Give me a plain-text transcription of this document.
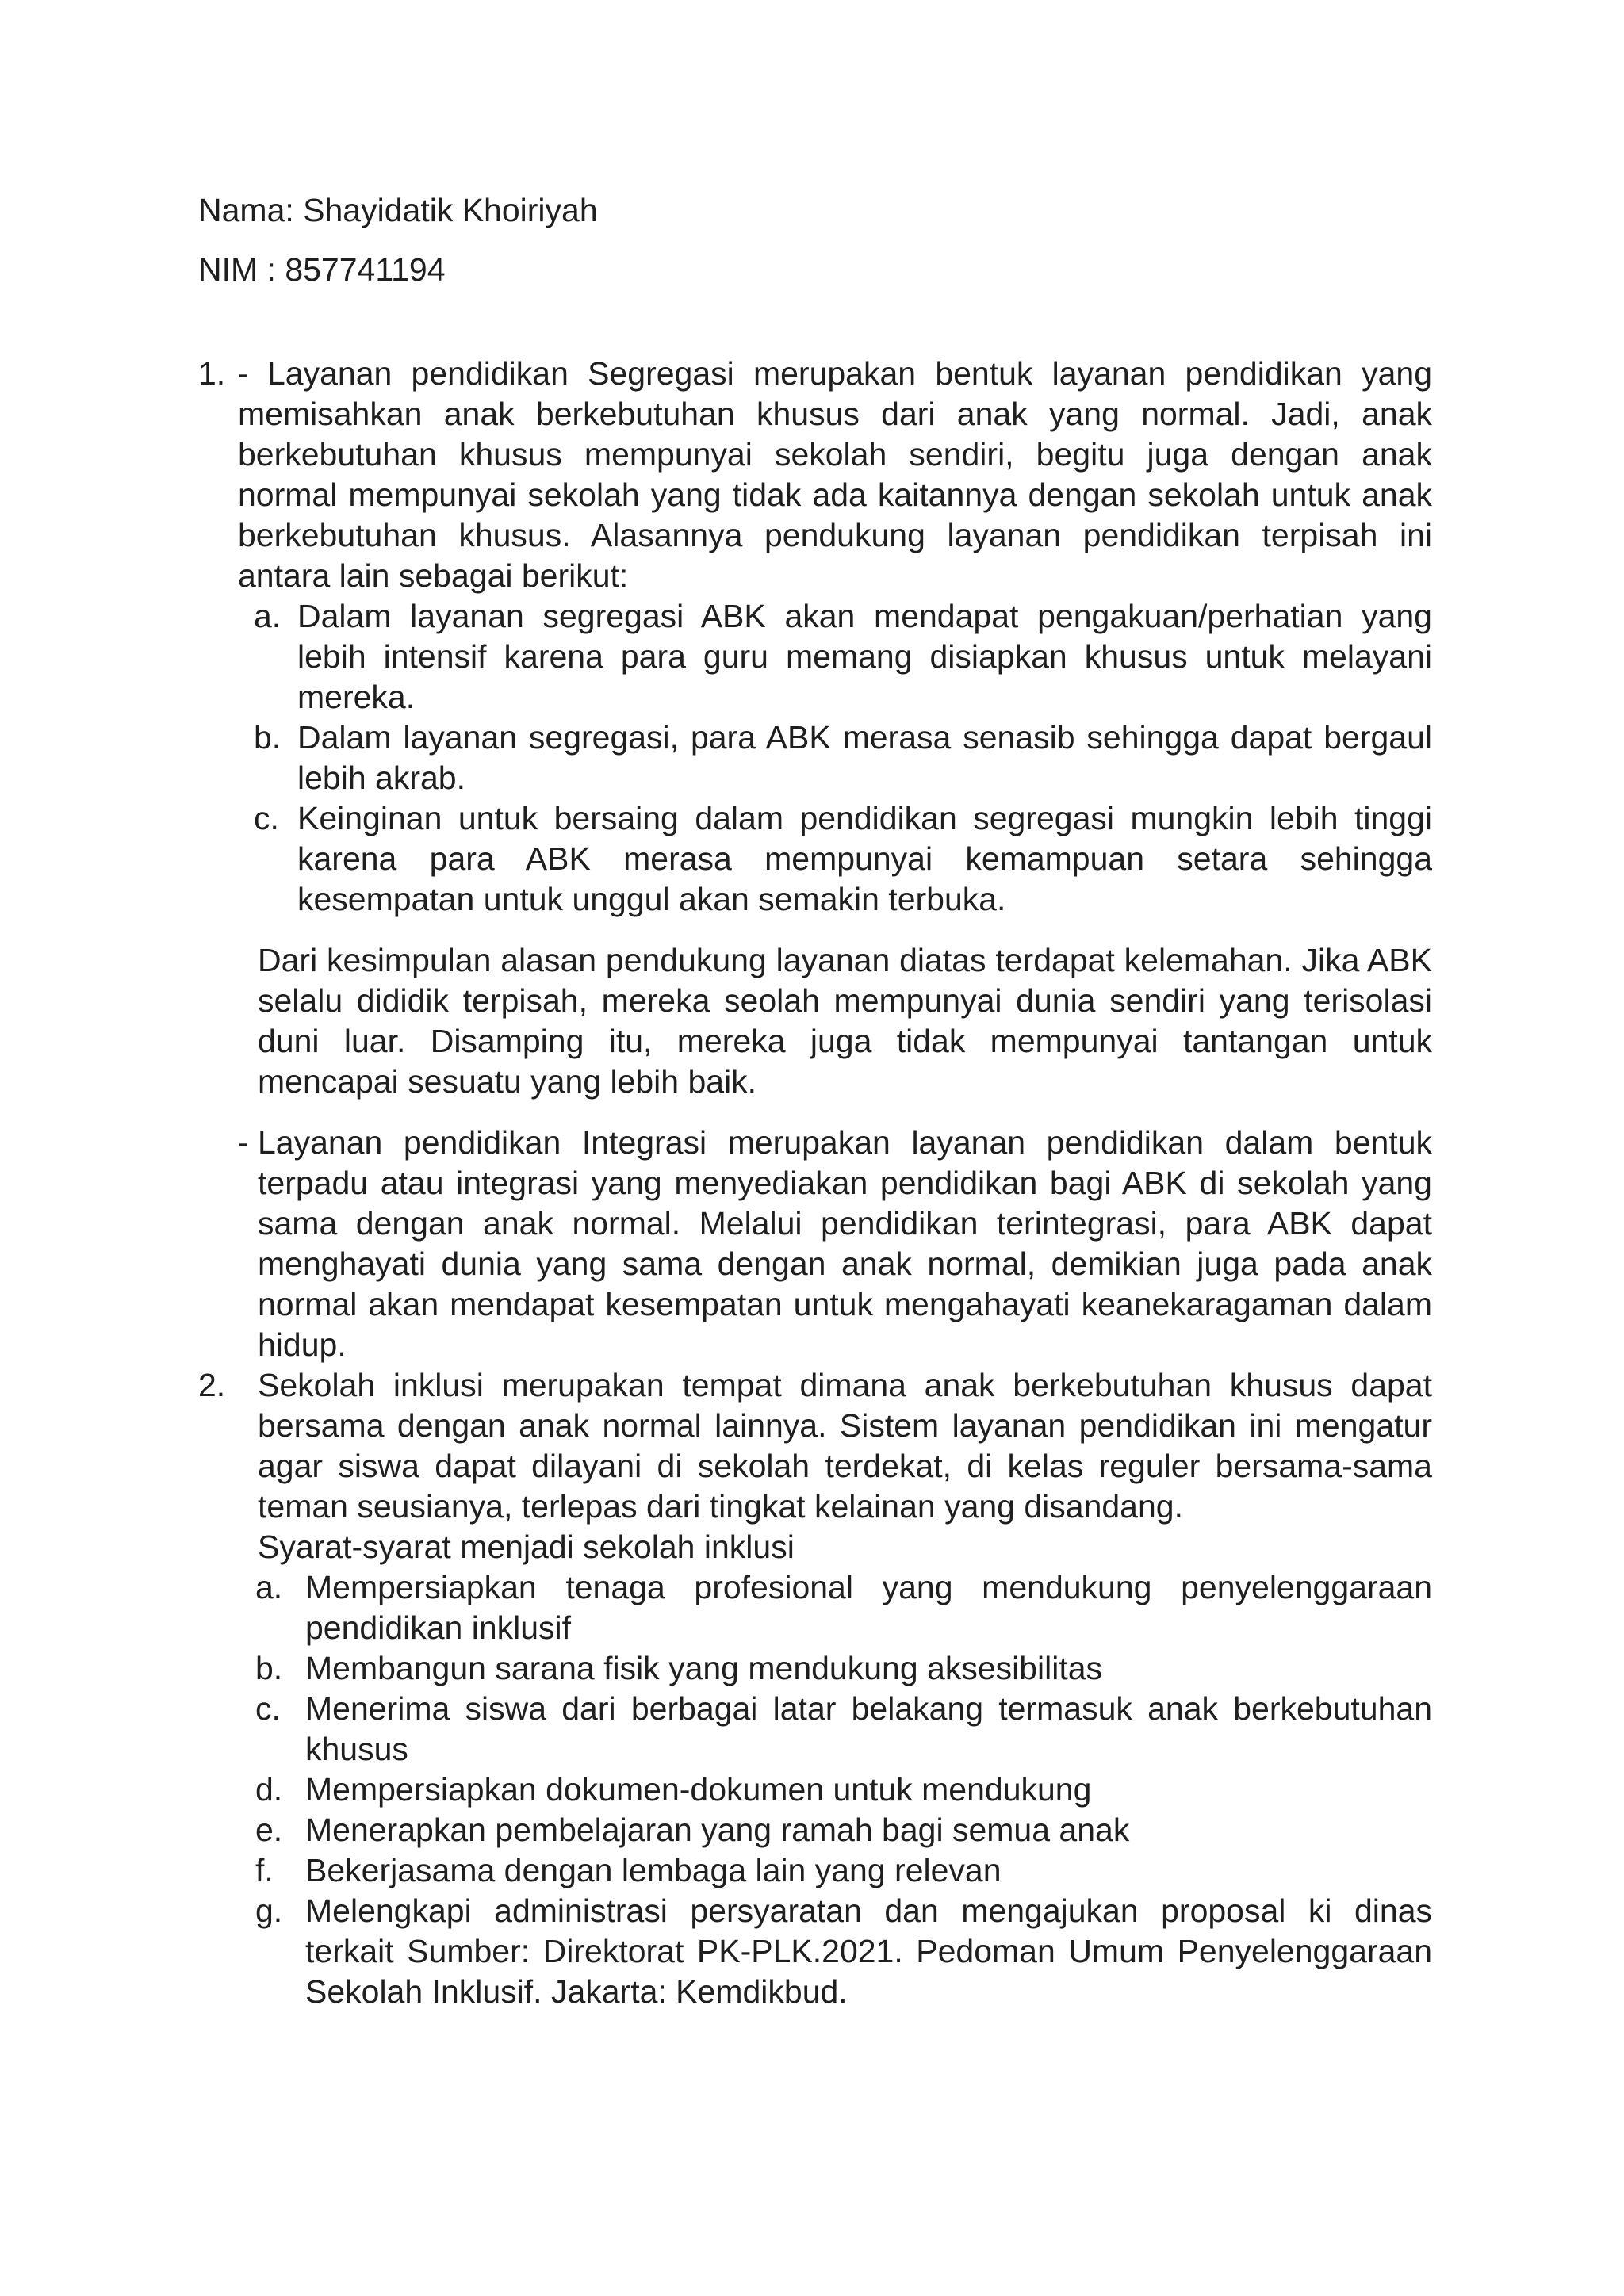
Nama: Shayidatik Khoiriyah

NIM : 857741194

1. - Layanan pendidikan Segregasi merupakan bentuk layanan pendidikan yang memisahkan anak berkebutuhan khusus dari anak yang normal. Jadi, anak berkebutuhan khusus mempunyai sekolah sendiri, begitu juga dengan anak normal mempunyai sekolah yang tidak ada kaitannya dengan sekolah untuk anak berkebutuhan khusus. Alasannya pendukung layanan pendidikan terpisah ini antara lain sebagai berikut:

a. Dalam layanan segregasi ABK akan mendapat pengakuan/perhatian yang lebih intensif karena para guru memang disiapkan khusus untuk melayani mereka.

b. Dalam layanan segregasi, para ABK merasa senasib sehingga dapat bergaul lebih akrab.

c. Keinginan untuk bersaing dalam pendidikan segregasi mungkin lebih tinggi karena para ABK merasa mempunyai kemampuan setara sehingga kesempatan untuk unggul akan semakin terbuka.

Dari kesimpulan alasan pendukung layanan diatas terdapat kelemahan. Jika ABK selalu dididik terpisah, mereka seolah mempunyai dunia sendiri yang terisolasi duni luar. Disamping itu, mereka juga tidak mempunyai tantangan untuk mencapai sesuatu yang lebih baik.

- Layanan pendidikan Integrasi merupakan layanan pendidikan dalam bentuk terpadu atau integrasi yang menyediakan pendidikan bagi ABK di sekolah yang sama dengan anak normal. Melalui pendidikan terintegrasi, para ABK dapat menghayati dunia yang sama dengan anak normal, demikian juga pada anak normal akan mendapat kesempatan untuk mengahayati keanekaragaman dalam hidup.

2. Sekolah inklusi merupakan tempat dimana anak berkebutuhan khusus dapat bersama dengan anak normal lainnya. Sistem layanan pendidikan ini mengatur agar siswa dapat dilayani di sekolah terdekat, di kelas reguler bersama-sama teman seusianya, terlepas dari tingkat kelainan yang disandang.

Syarat-syarat menjadi sekolah inklusi

a. Mempersiapkan tenaga profesional yang mendukung penyelenggaraan pendidikan inklusif

b. Membangun sarana fisik yang mendukung aksesibilitas

c. Menerima siswa dari berbagai latar belakang termasuk anak berkebutuhan khusus

d. Mempersiapkan dokumen-dokumen untuk mendukung

e. Menerapkan pembelajaran yang ramah bagi semua anak

f. Bekerjasama dengan lembaga lain yang relevan

g. Melengkapi administrasi persyaratan dan mengajukan proposal ki dinas terkait Sumber: Direktorat PK-PLK.2021. Pedoman Umum Penyelenggaraan Sekolah Inklusif. Jakarta: Kemdikbud.
